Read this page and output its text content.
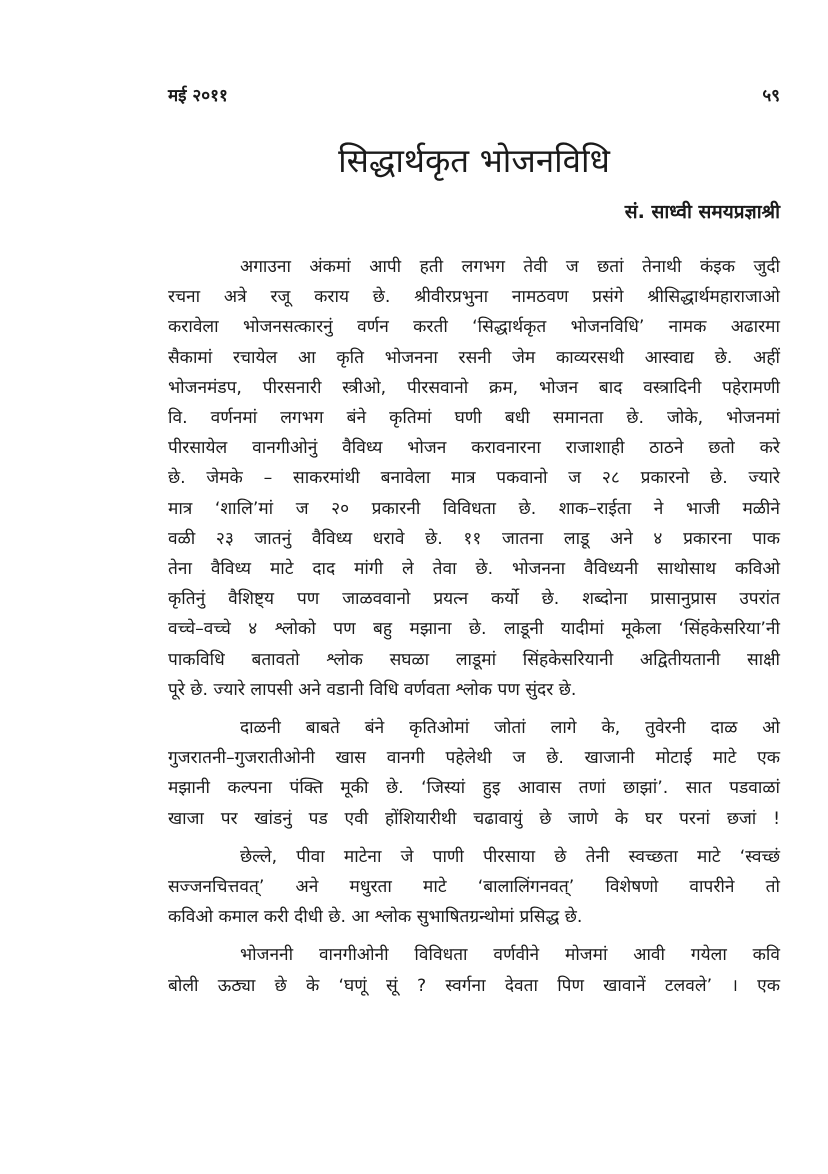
मई २०११	५९
सिद्धार्थकृत भोजनविधि
सं. साध्वी समयप्रज्ञाश्री
अगाउना अंकमां आपी हती लगभग तेवी ज छतां तेनाथी कंइक जुदी
रचना अत्रे रजू कराय छे. श्रीवीरप्रभुना नामठवण प्रसंगे श्रीसिद्धार्थमहाराजाओ
करावेला भोजनसत्कारनुं वर्णन करती ‘सिद्धार्थकृत भोजनविधि’ नामक अढारमा
सैकामां रचायेल आ कृति भोजनना रसनी जेम काव्यरसथी आस्वाद्य छे. अहीं
भोजनमंडप, पीरसनारी स्त्रीओ, पीरसवानो क्रम, भोजन बाद वस्त्रादिनी पहेरामणी
वि. वर्णनमां लगभग बंने कृतिमां घणी बधी समानता छे. जोके, भोजनमां
पीरसायेल वानगीओनुं वैविध्य भोजन करावनारना राजाशाही ठाठने छतो करे
छे. जेमके – साकरमांथी बनावेला मात्र पकवानो ज २८ प्रकारनो छे. ज्यारे
मात्र ‘शालि’मां ज २० प्रकारनी विविधता छे. शाक–राईता ने भाजी मळीने
वळी २३ जातनुं वैविध्य धरावे छे. ११ जातना लाडू अने ४ प्रकारना पाक
तेना वैविध्य माटे दाद मांगी ले तेवा छे. भोजनना वैविध्यनी साथोसाथ कविओ
कृतिनुं वैशिष्ट्य पण जाळववानो प्रयत्न कर्यो छे. शब्दोना प्रासानुप्रास उपरांत
वच्चे–वच्चे ४ श्लोको पण बहु मझाना छे. लाडूनी यादीमां मूकेला ‘सिंहकेसरिया’नी
पाकविधि बतावतो श्लोक सघळा लाडूमां सिंहकेसरियानी अद्वितीयतानी साक्षी
पूरे छे. ज्यारे लापसी अने वडानी विधि वर्णवता श्लोक पण सुंदर छे.
दाळनी बाबते बंने कृतिओमां जोतां लागे के, तुवेरनी दाळ ओ
गुजरातनी–गुजरातीओनी खास वानगी पहेलेथी ज छे. खाजानी मोटाई माटे एक
मझानी कल्पना पंक्ति मूकी छे. ‘जिस्यां हुइ आवास तणां छाझां’. सात पडवाळां
खाजा पर खांडनुं पड एवी होंशियारीथी चढावायुं छे जाणे के घर परनां छजां !
छेल्ले, पीवा माटेना जे पाणी पीरसाया छे तेनी स्वच्छता माटे ‘स्वच्छं
सज्जनचित्तवत्’ अने मधुरता माटे ‘बालालिंगनवत्’ विशेषणो वापरीने तो
कविओ कमाल करी दीधी छे. आ श्लोक सुभाषितग्रन्थोमां प्रसिद्ध छे.
भोजननी वानगीओनी विविधता वर्णवीने मोजमां आवी गयेला कवि
बोली ऊठ्या छे के ‘घणूं सूं ? स्वर्गना देवता पिण खावानें टलवले’ । एक
